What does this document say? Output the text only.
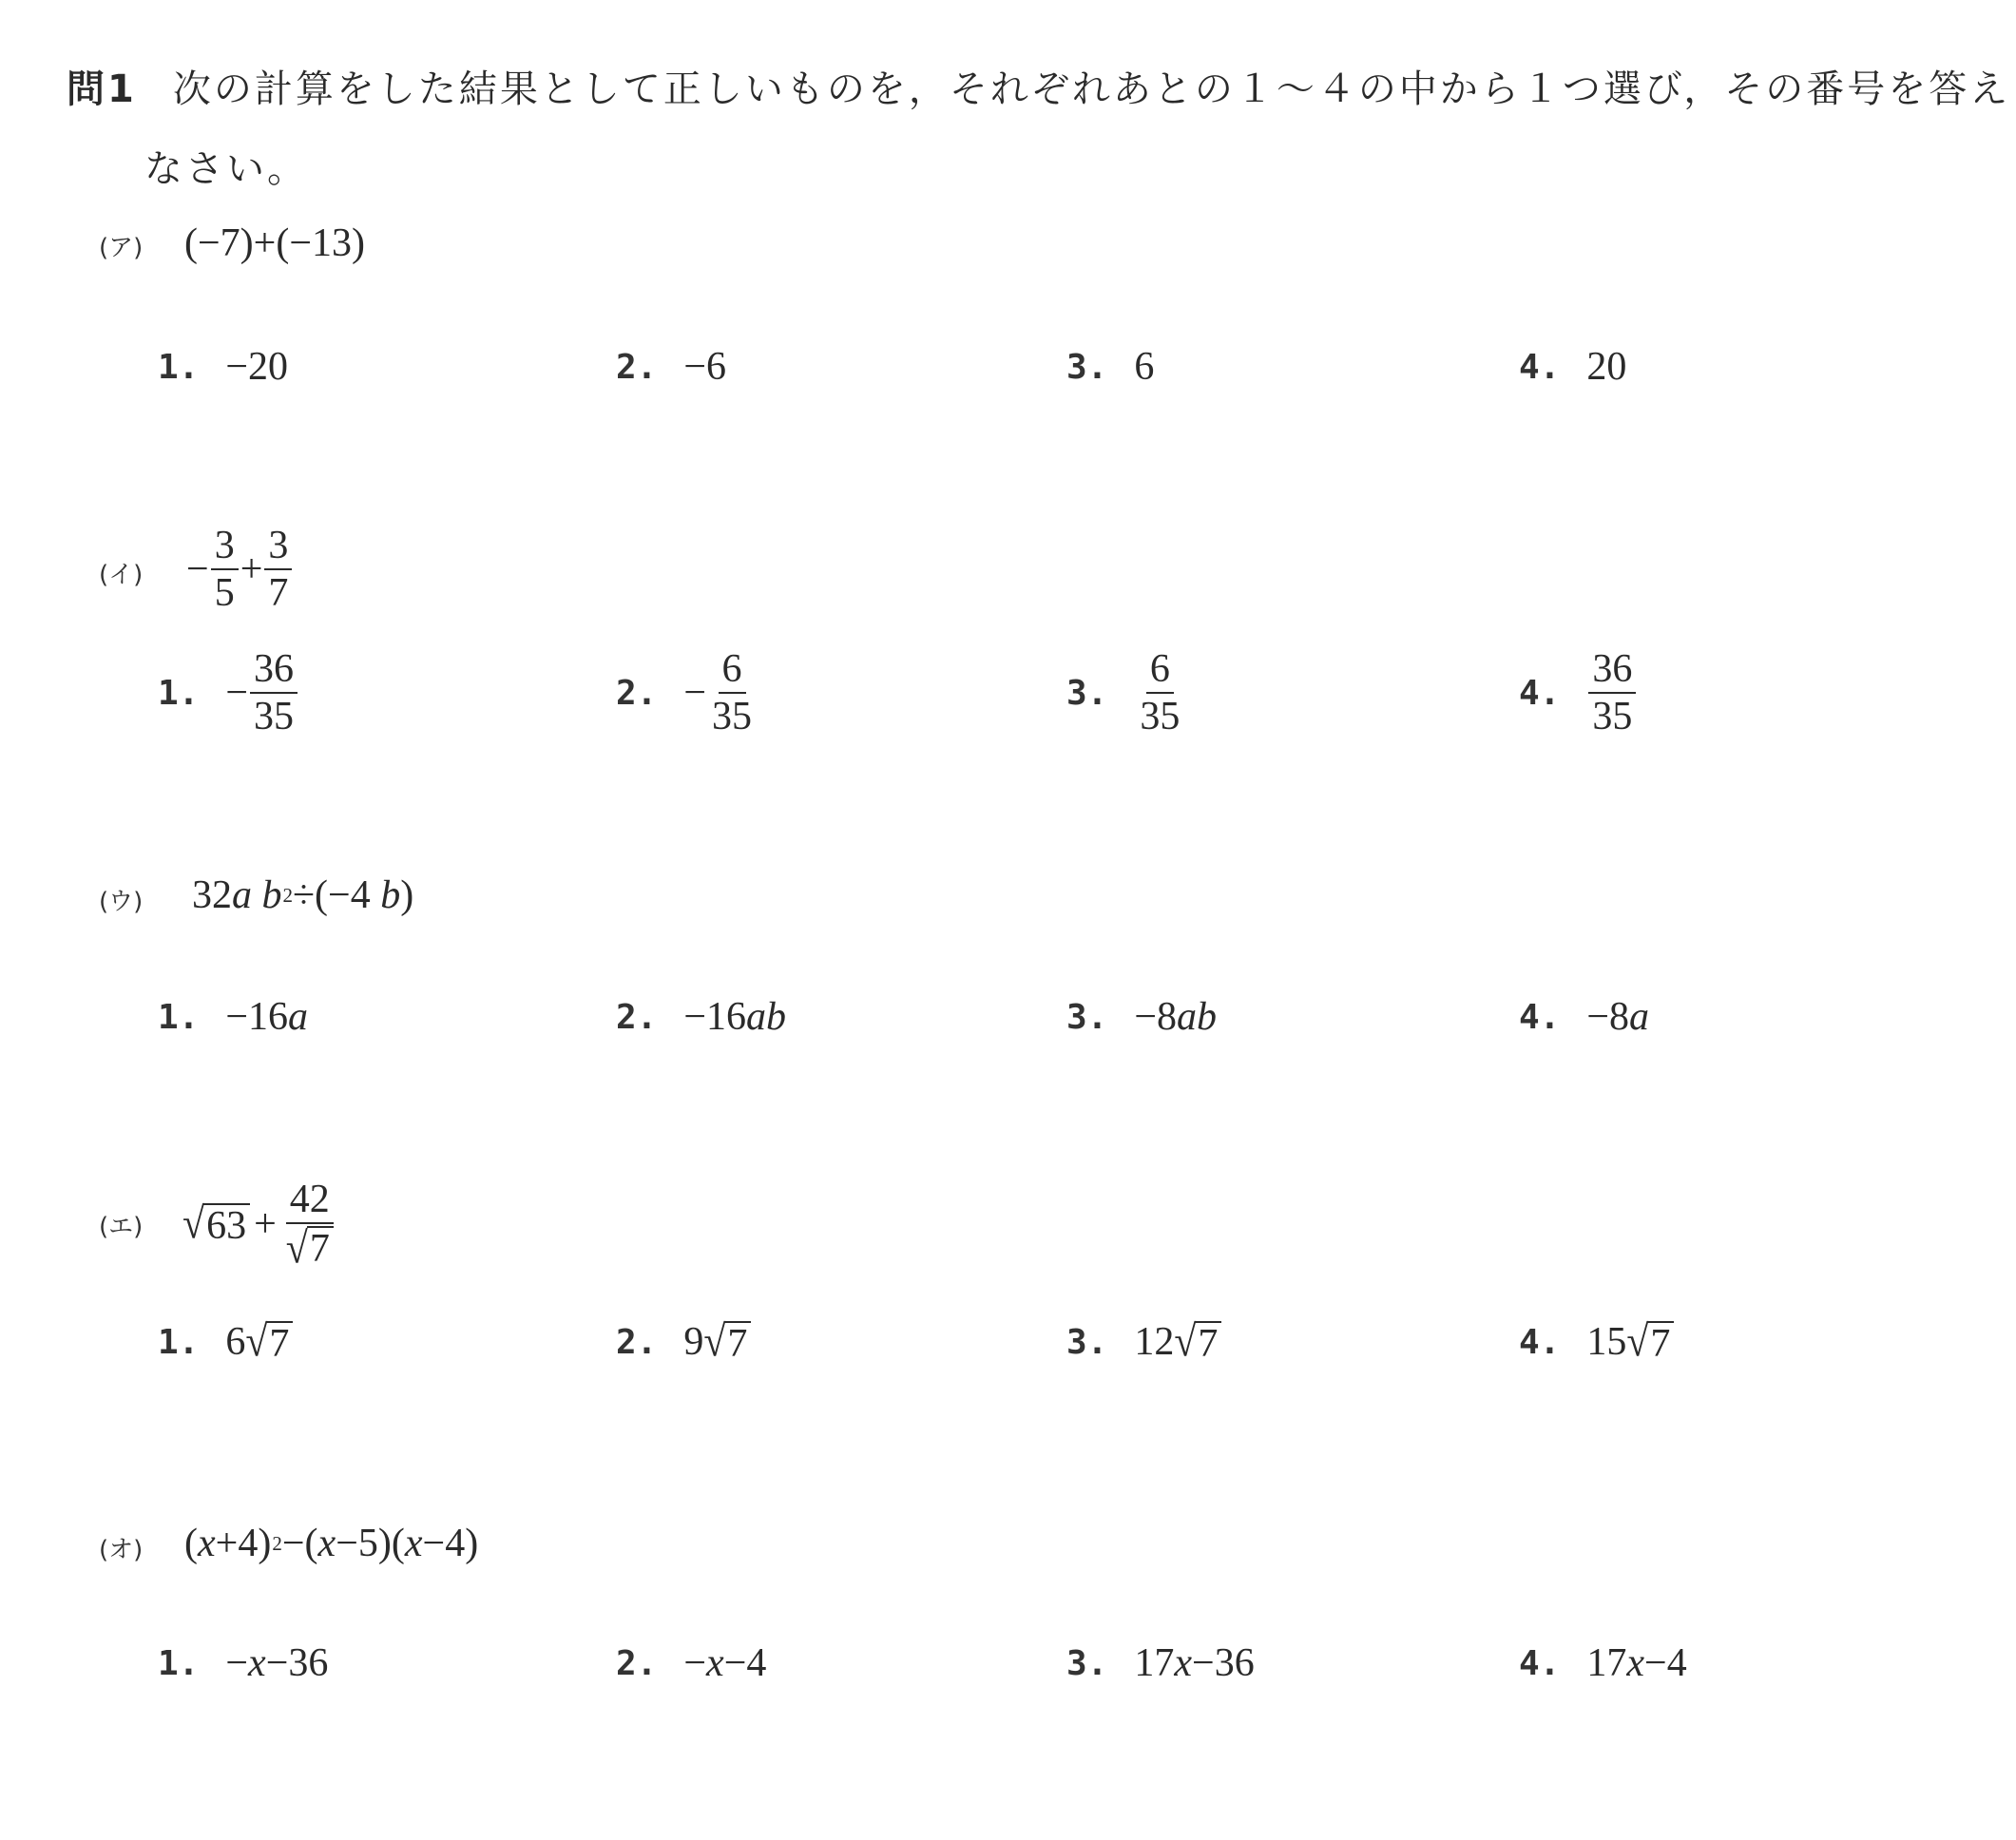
問1 次の計算をした結果として正しいものを，それぞれあとの１～４の中から１つ選び，その番号を答え
なさい。
(ア) (−7)+(−13)
1. −20	2. −6	3. 6	4. 20
(イ) − $\frac{3}{5} + \frac{3}{7}$
1. − $\frac{36}{35}$	2. − $\frac{6}{35}$	3. $\frac{6}{35}$	4. $\frac{36}{35}$
(ウ) 32 a
b 2 ÷(−4
b )
1. −16 a	2. −16 ab	3. −8 ab	4. −8 a
(エ) √ $63 + \frac{42}{√ 7}$
1. 6 √ 7	2. 9 √ 7	3. 12 √ 7	4. 15 √ 7
(オ) ( x +4) 2 −( x −5)( x −4)
1. − x −36	2. − x −4	3. 17 x −36	4. 17 x −4
